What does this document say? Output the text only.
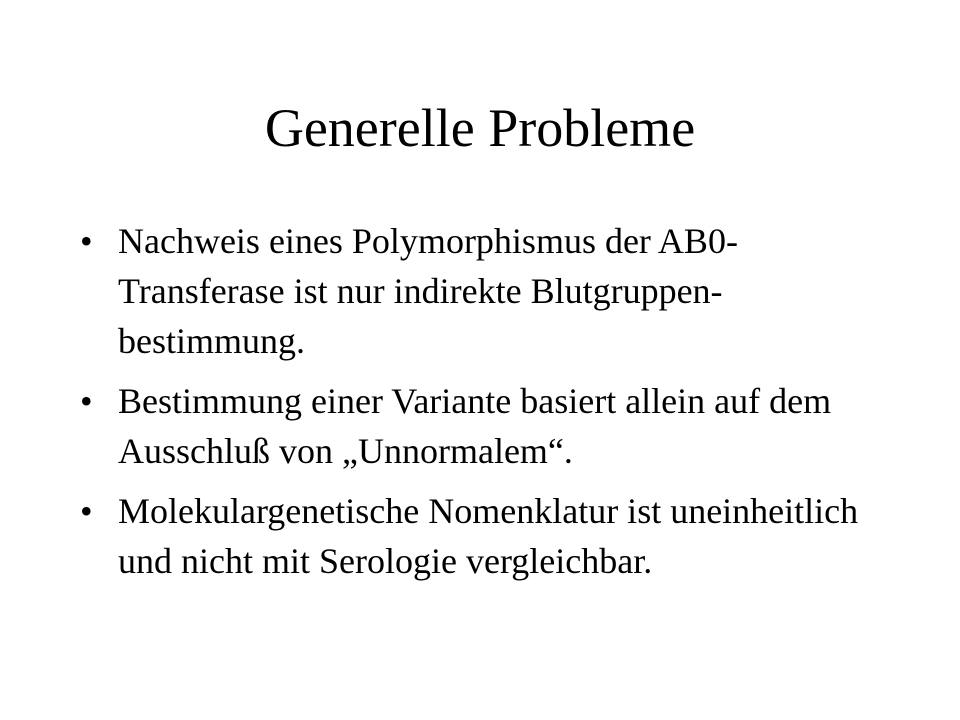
Generelle Probleme
• Nachweis eines Polymorphismus der AB0-Transferase ist nur indirekte Blutgruppen-bestimmung.
• Bestimmung einer Variante basiert allein auf dem Ausschluß von „Unnormalem“.
• Molekulargenetische Nomenklatur ist uneinheitlich und nicht mit Serologie vergleichbar.
